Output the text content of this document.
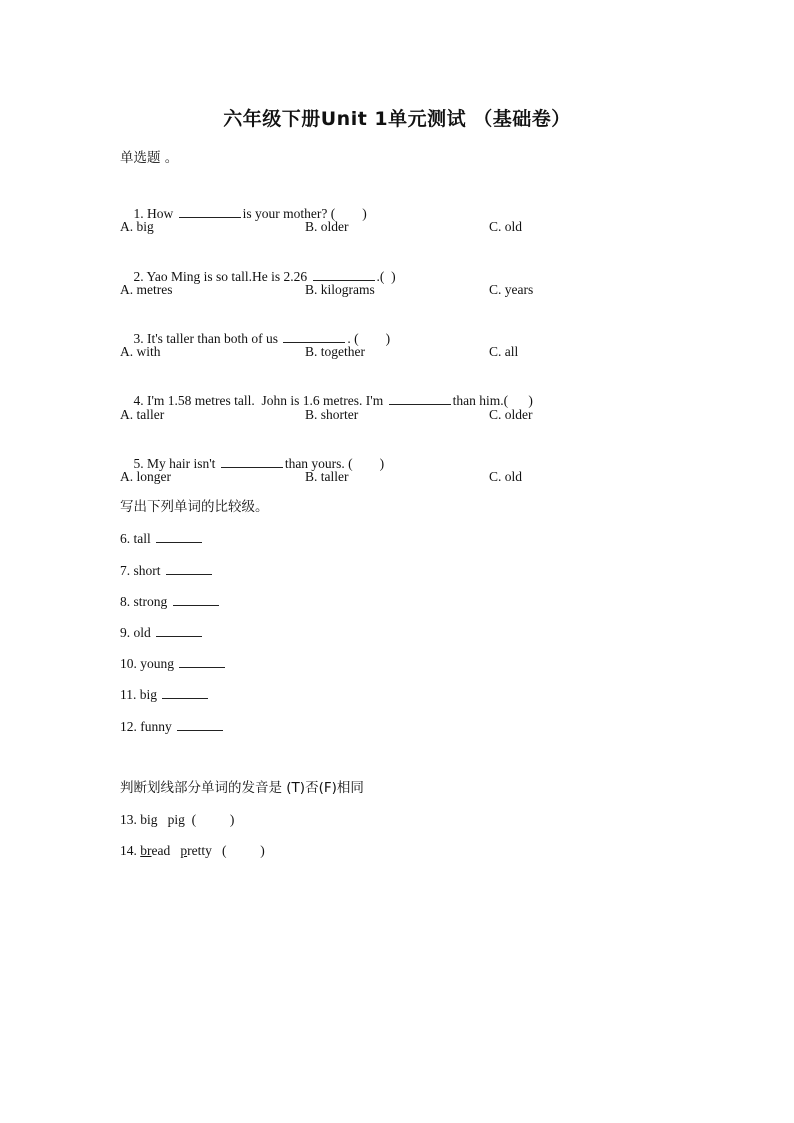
六年级下册Unit 1单元测试 （基础卷）
单选题 。

1. How	is your mother? (        )

A. big	B. older	C. old

2. Yao Ming is so tall.He is 2.26	.(  )

A. metres	B. kilograms	C. years

3. It's taller than both of us	. (        )

A. with	B. together	C. all

4. I'm 1.58 metres tall.  John is 1.6 metres. I'm	than him.(      )

A. taller	B. shorter	C. older

5. My hair isn't	than yours. (        )

A. longer	B. taller	C. old
写出下列单词的比较级。
6. tall
7. short
8. strong
9. old
10. young
11. big
12. funny
判断划线部分单词的发音是 (T)否(F)相同
13. big   pig  (          )
14. bread   pretty   (          )
